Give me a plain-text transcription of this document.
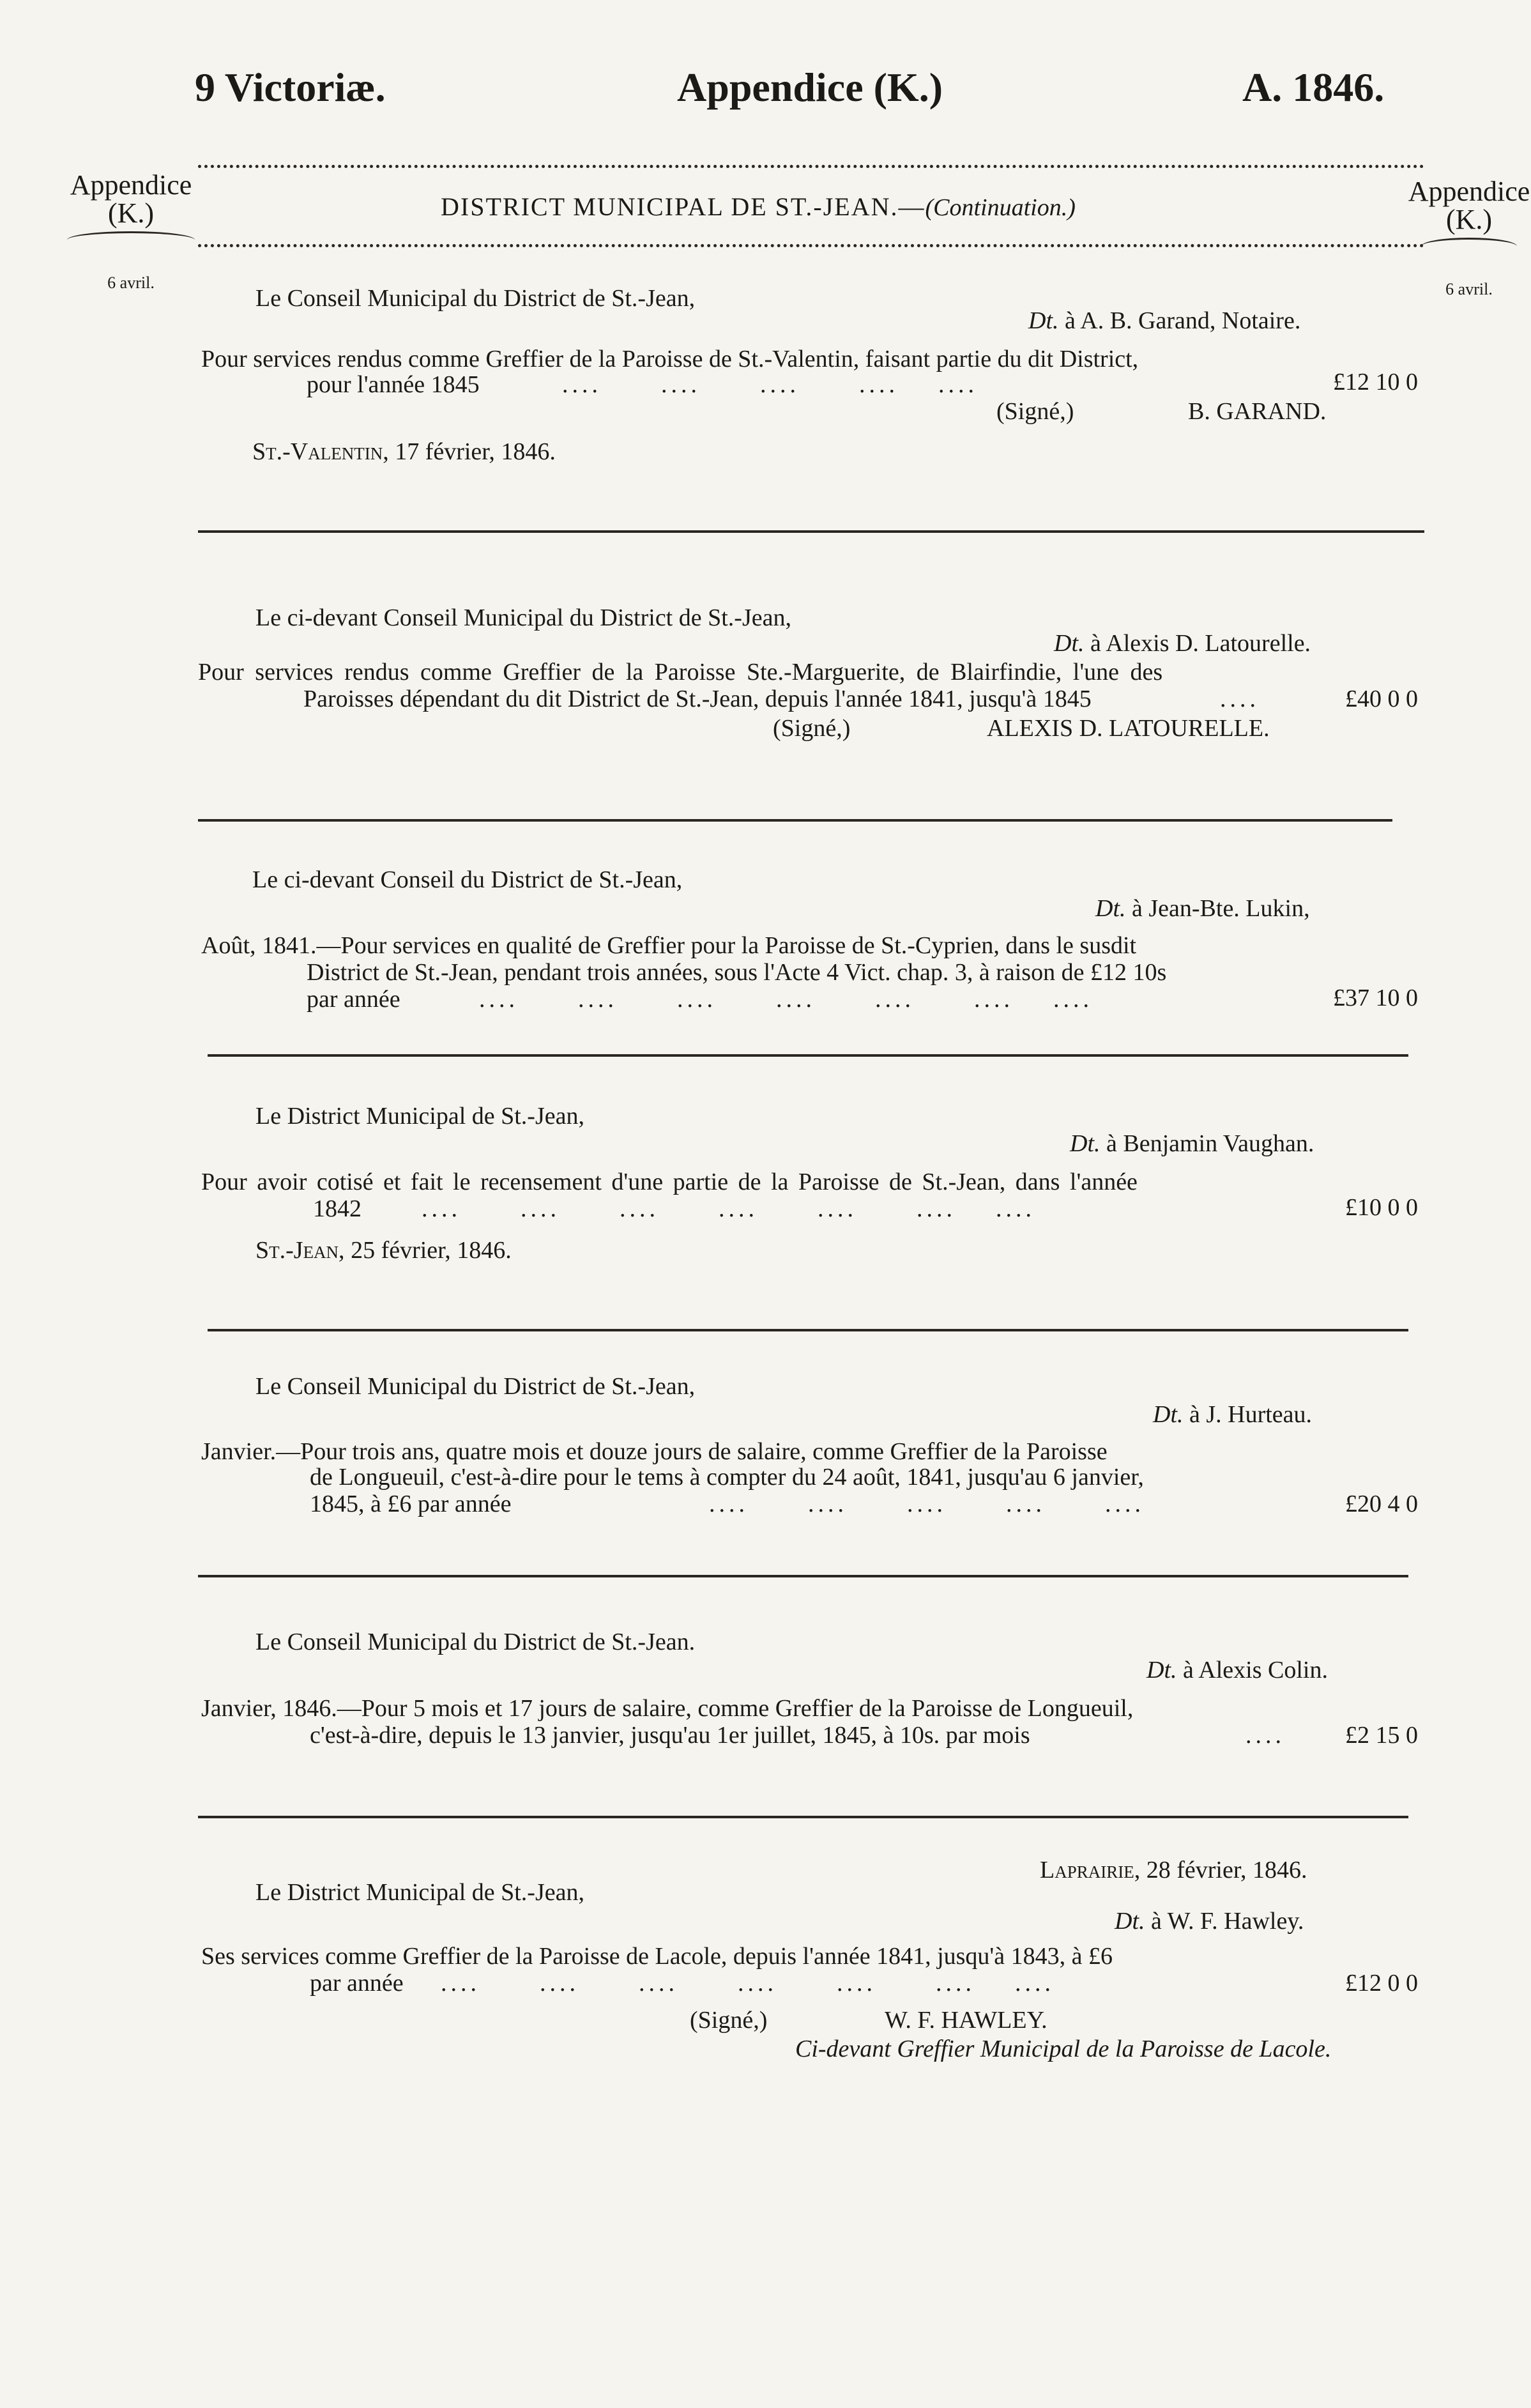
9 Victoriæ.	Appendice (K.)	A. 1846.
Appendice
(K.)
6 avril.
Appendice
(K.)
6 avril.
DISTRICT MUNICIPAL DE ST.-JEAN.—(Continuation.)
Le Conseil Municipal du District de St.-Jean,
Dt. à A. B. Garand, Notaire.
Pour services rendus comme Greffier de la Paroisse de St.-Valentin, faisant partie du dit District,
pour l'année 1845	....      ....      ....      ....    ....	£12 10 0
(Signé,)	B. GARAND.
St.-Valentin, 17 février, 1846.
Le ci-devant Conseil Municipal du District de St.-Jean,
Dt. à Alexis D. Latourelle.
Pour services rendus comme Greffier de la Paroisse Ste.-Marguerite, de Blairfindie, l'une des
Paroisses dépendant du dit District de St.-Jean, depuis l'année 1841, jusqu'à 1845	....	£40 0 0
(Signé,)	ALEXIS D. LATOURELLE.
Le ci-devant Conseil du District de St.-Jean,
Dt. à Jean-Bte. Lukin,
Août, 1841.—Pour services en qualité de Greffier pour la Paroisse de St.-Cyprien, dans le susdit
District de St.-Jean, pendant trois années, sous l'Acte 4 Vict. chap. 3, à raison de £12 10s
par année	....      ....      ....      ....      ....      ....    ....	£37 10 0
Le District Municipal de St.-Jean,
Dt. à Benjamin Vaughan.
Pour avoir cotisé et fait le recensement d'une partie de la Paroisse de St.-Jean, dans l'année
1842 ....      ....      ....      ....      ....      ....    ....	£10 0 0
St.-Jean, 25 février, 1846.
Le Conseil Municipal du District de St.-Jean,
Dt. à J. Hurteau.
Janvier.—Pour trois ans, quatre mois et douze jours de salaire, comme Greffier de la Paroisse
de Longueuil, c'est-à-dire pour le tems à compter du 24 août, 1841, jusqu'au 6 janvier,
1845, à £6 par année	....      ....      ....      ....      ....	£20 4 0
Le Conseil Municipal du District de St.-Jean.
Dt. à Alexis Colin.
Janvier, 1846.—Pour 5 mois et 17 jours de salaire, comme Greffier de la Paroisse de Longueuil,
c'est-à-dire, depuis le 13 janvier, jusqu'au 1er juillet, 1845, à 10s. par mois	....	£2 15 0
Laprairie, 28 février, 1846.
Le District Municipal de St.-Jean,
Dt. à W. F. Hawley.
Ses services comme Greffier de la Paroisse de Lacole, depuis l'année 1841, jusqu'à 1843, à £6
par année ....      ....      ....      ....      ....      ....    ....	£12 0 0
(Signé,)	W. F. HAWLEY.
Ci-devant Greffier Municipal de la Paroisse de Lacole.
